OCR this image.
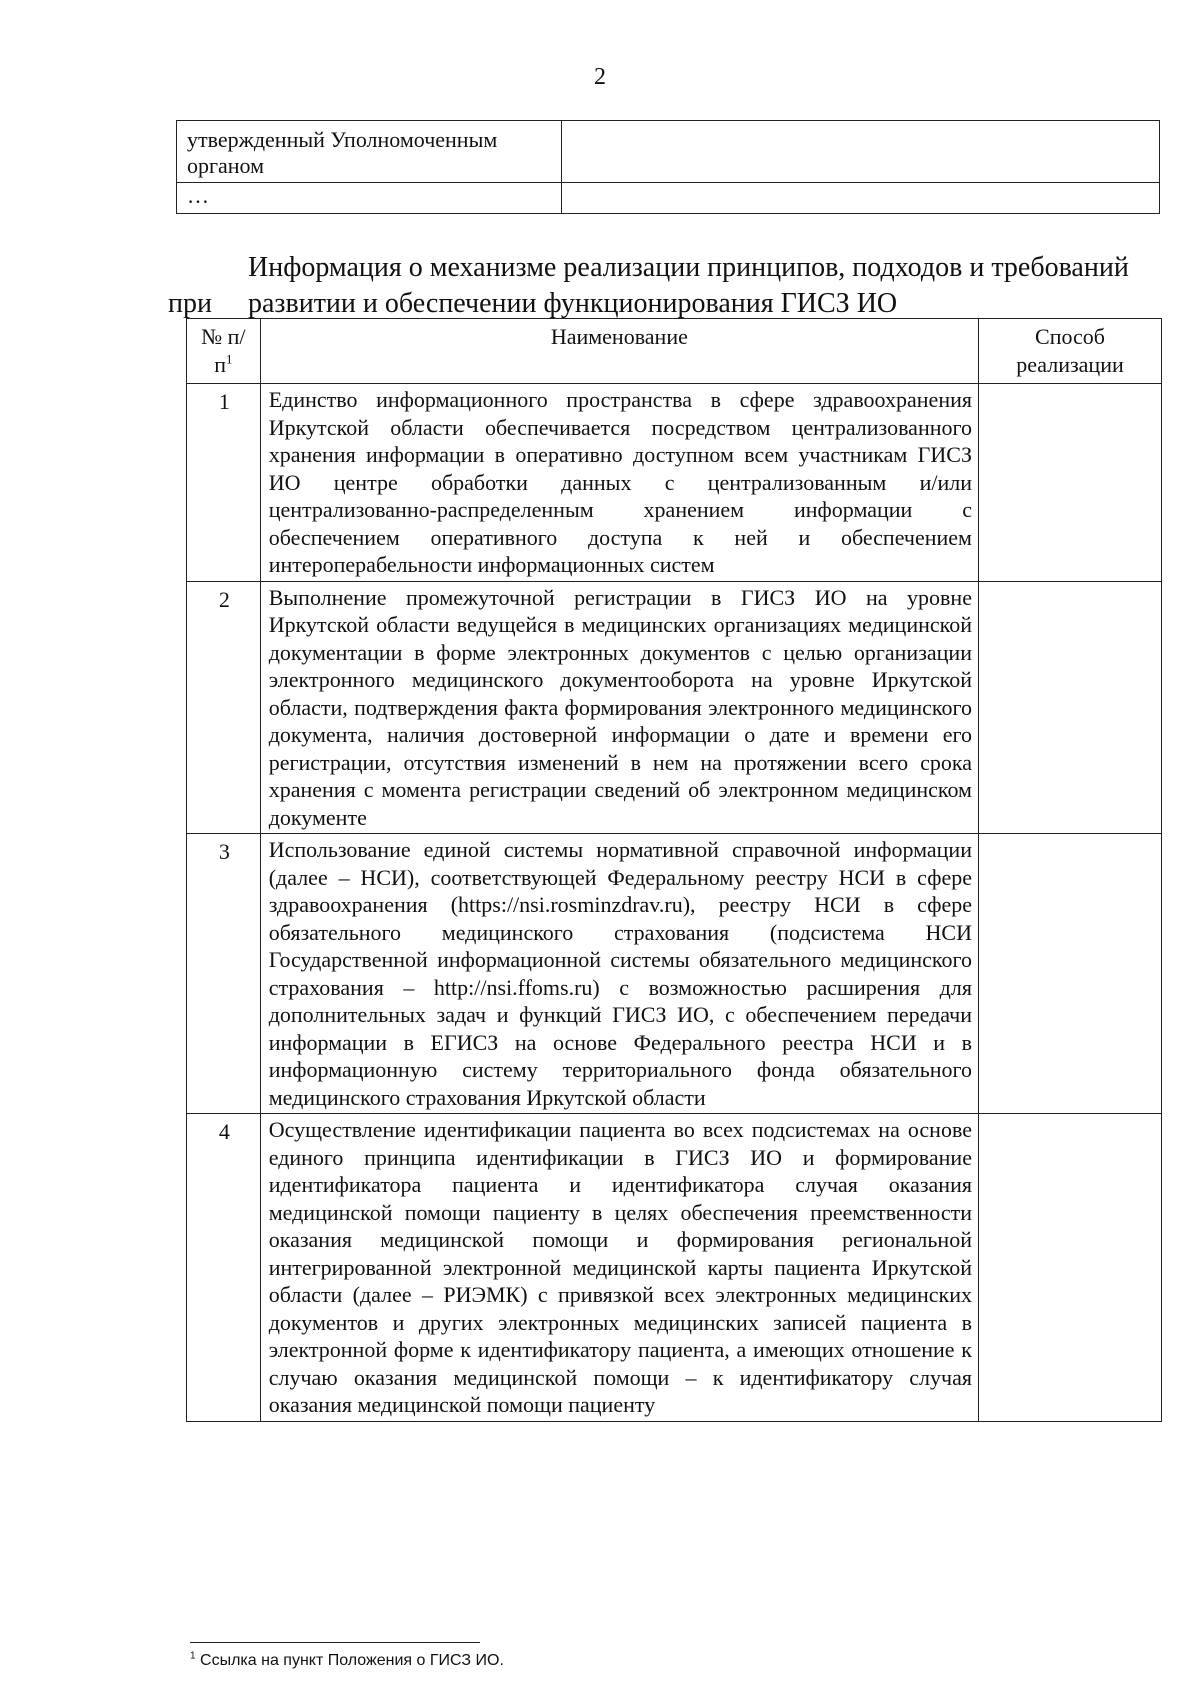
2
утвержденный Уполномоченным органом	
…	
Информация о механизме реализации принципов, подходов и требований
при	развитии и обеспечении функционирования ГИСЗ ИО
№ $п/п^1$	Наименование	Способ реализации
1	Единство информационного пространства в сфере здравоохранения Иркутской области обеспечивается посредством централизованного хранения информации в оперативно доступном всем участникам ГИСЗ ИО центре обработки данных с централизованным и/или централизованно-распределенным хранением информации с обеспечением оперативного доступа к ней и обеспечением интероперабельности информационных систем	
2	Выполнение промежуточной регистрации в ГИСЗ ИО на уровне Иркутской области ведущейся в медицинских организациях медицинской документации в форме электронных документов с целью организации электронного медицинского документооборота на уровне Иркутской области, подтверждения факта формирования электронного медицинского документа, наличия достоверной информации о дате и времени его регистрации, отсутствия изменений в нем на протяжении всего срока хранения с момента регистрации сведений об электронном медицинском документе	
3	Использование единой системы нормативной справочной информации (далее – НСИ), соответствующей Федеральному реестру НСИ в сфере здравоохранения (https://nsi.rosminzdrav.ru), реестру НСИ в сфере обязательного медицинского страхования (подсистема НСИ Государственной информационной системы обязательного медицинского страхования – http://nsi.ffoms.ru) с возможностью расширения для дополнительных задач и функций ГИСЗ ИО, с обеспечением передачи информации в ЕГИСЗ на основе Федерального реестра НСИ и в информационную систему территориального фонда обязательного медицинского страхования Иркутской области	
4	Осуществление идентификации пациента во всех подсистемах на основе единого принципа идентификации в ГИСЗ ИО и формирование идентификатора пациента и идентификатора случая оказания медицинской помощи пациенту в целях обеспечения преемственности оказания медицинской помощи и формирования региональной интегрированной электронной медицинской карты пациента Иркутской области (далее – РИЭМК) с привязкой всех электронных медицинских документов и других электронных медицинских записей пациента в электронной форме к идентификатору пациента, а имеющих отношение к случаю оказания медицинской помощи – к идентификатору случая оказания медицинской помощи пациенту	
$^1$ Ссылка на пункт Положения о ГИСЗ ИО.
